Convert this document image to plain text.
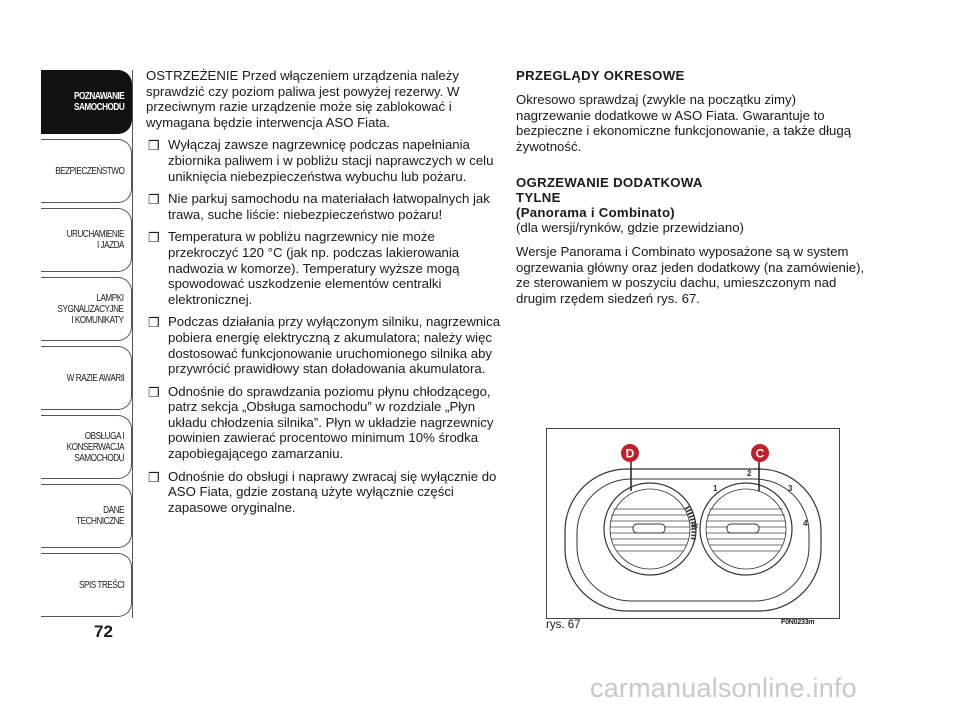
POZNAWANIE
SAMOCHODU
BEZPIECZEŃSTWO
URUCHAMIENIE
I JAZDA
LAMPKI
SYGNALIZACYJNE
I KOMUNIKATY
W RAZIE AWARII
OBSŁUGA I
KONSERWACJA
SAMOCHODU
DANE TECHNICZNE
SPIS TREŚCI
72

OSTRZEŻENIE Przed włączeniem urządzenia należy sprawdzić czy poziom paliwa jest powyżej rezerwy. W przeciwnym razie urządzenie może się zablokować i wymagana będzie interwencja ASO Fiata.

❒ Wyłączaj zawsze nagrzewnicę podczas napełniania zbiornika paliwem i w pobliżu stacji naprawczych w celu uniknięcia niebezpieczeństwa wybuchu lub pożaru.
❒ Nie parkuj samochodu na materiałach łatwopalnych jak trawa, suche liście: niebezpieczeństwo pożaru!
❒ Temperatura w pobliżu nagrzewnicy nie może przekroczyć 120 °C (jak np. podczas lakierowania nadwozia w komorze). Temperatury wyższe mogą spowodować uszkodzenie elementów centralki elektronicznej.
❒ Podczas działania przy wyłączonym silniku, nagrzewnica pobiera energię elektryczną z akumulatora; należy więc dostosować funkcjonowanie uruchomionego silnika aby przywrócić prawidłowy stan doładowania akumulatora.
❒ Odnośnie do sprawdzania poziomu płynu chłodzącego, patrz sekcja „Obsługa samochodu” w rozdziale „Płyn układu chłodzenia silnika”. Płyn w układzie nagrzewnicy powinien zawierać procentowo minimum 10% środka zapobiegającego zamarzaniu.
❒ Odnośnie do obsługi i naprawy zwracaj się wyłącznie do ASO Fiata, gdzie zostaną użyte wyłącznie części zapasowe oryginalne.
PRZEGLĄDY OKRESOWE

Okresowo sprawdzaj (zwykle na początku zimy) nagrzewanie dodatkowe w ASO Fiata. Gwarantuje to bezpieczne i ekonomiczne funkcjonowanie, a także długą żywotność.

OGRZEWANIE DODATKOWA
TYLNE
(Panorama i Combinato)

(dla wersji/rynków, gdzie przewidziano)

Wersje Panorama i Combinato wyposażone są w system ogrzewania główny oraz jeden dodatkowy (na zamówienie), ze sterowaniem w poszyciu dachu, umieszczonym nad drugim rzędem siedzeń rys. 67.

✲
D	C
1
2
3
4
rys. 67	F0N0233m
carmanualsonline.info
